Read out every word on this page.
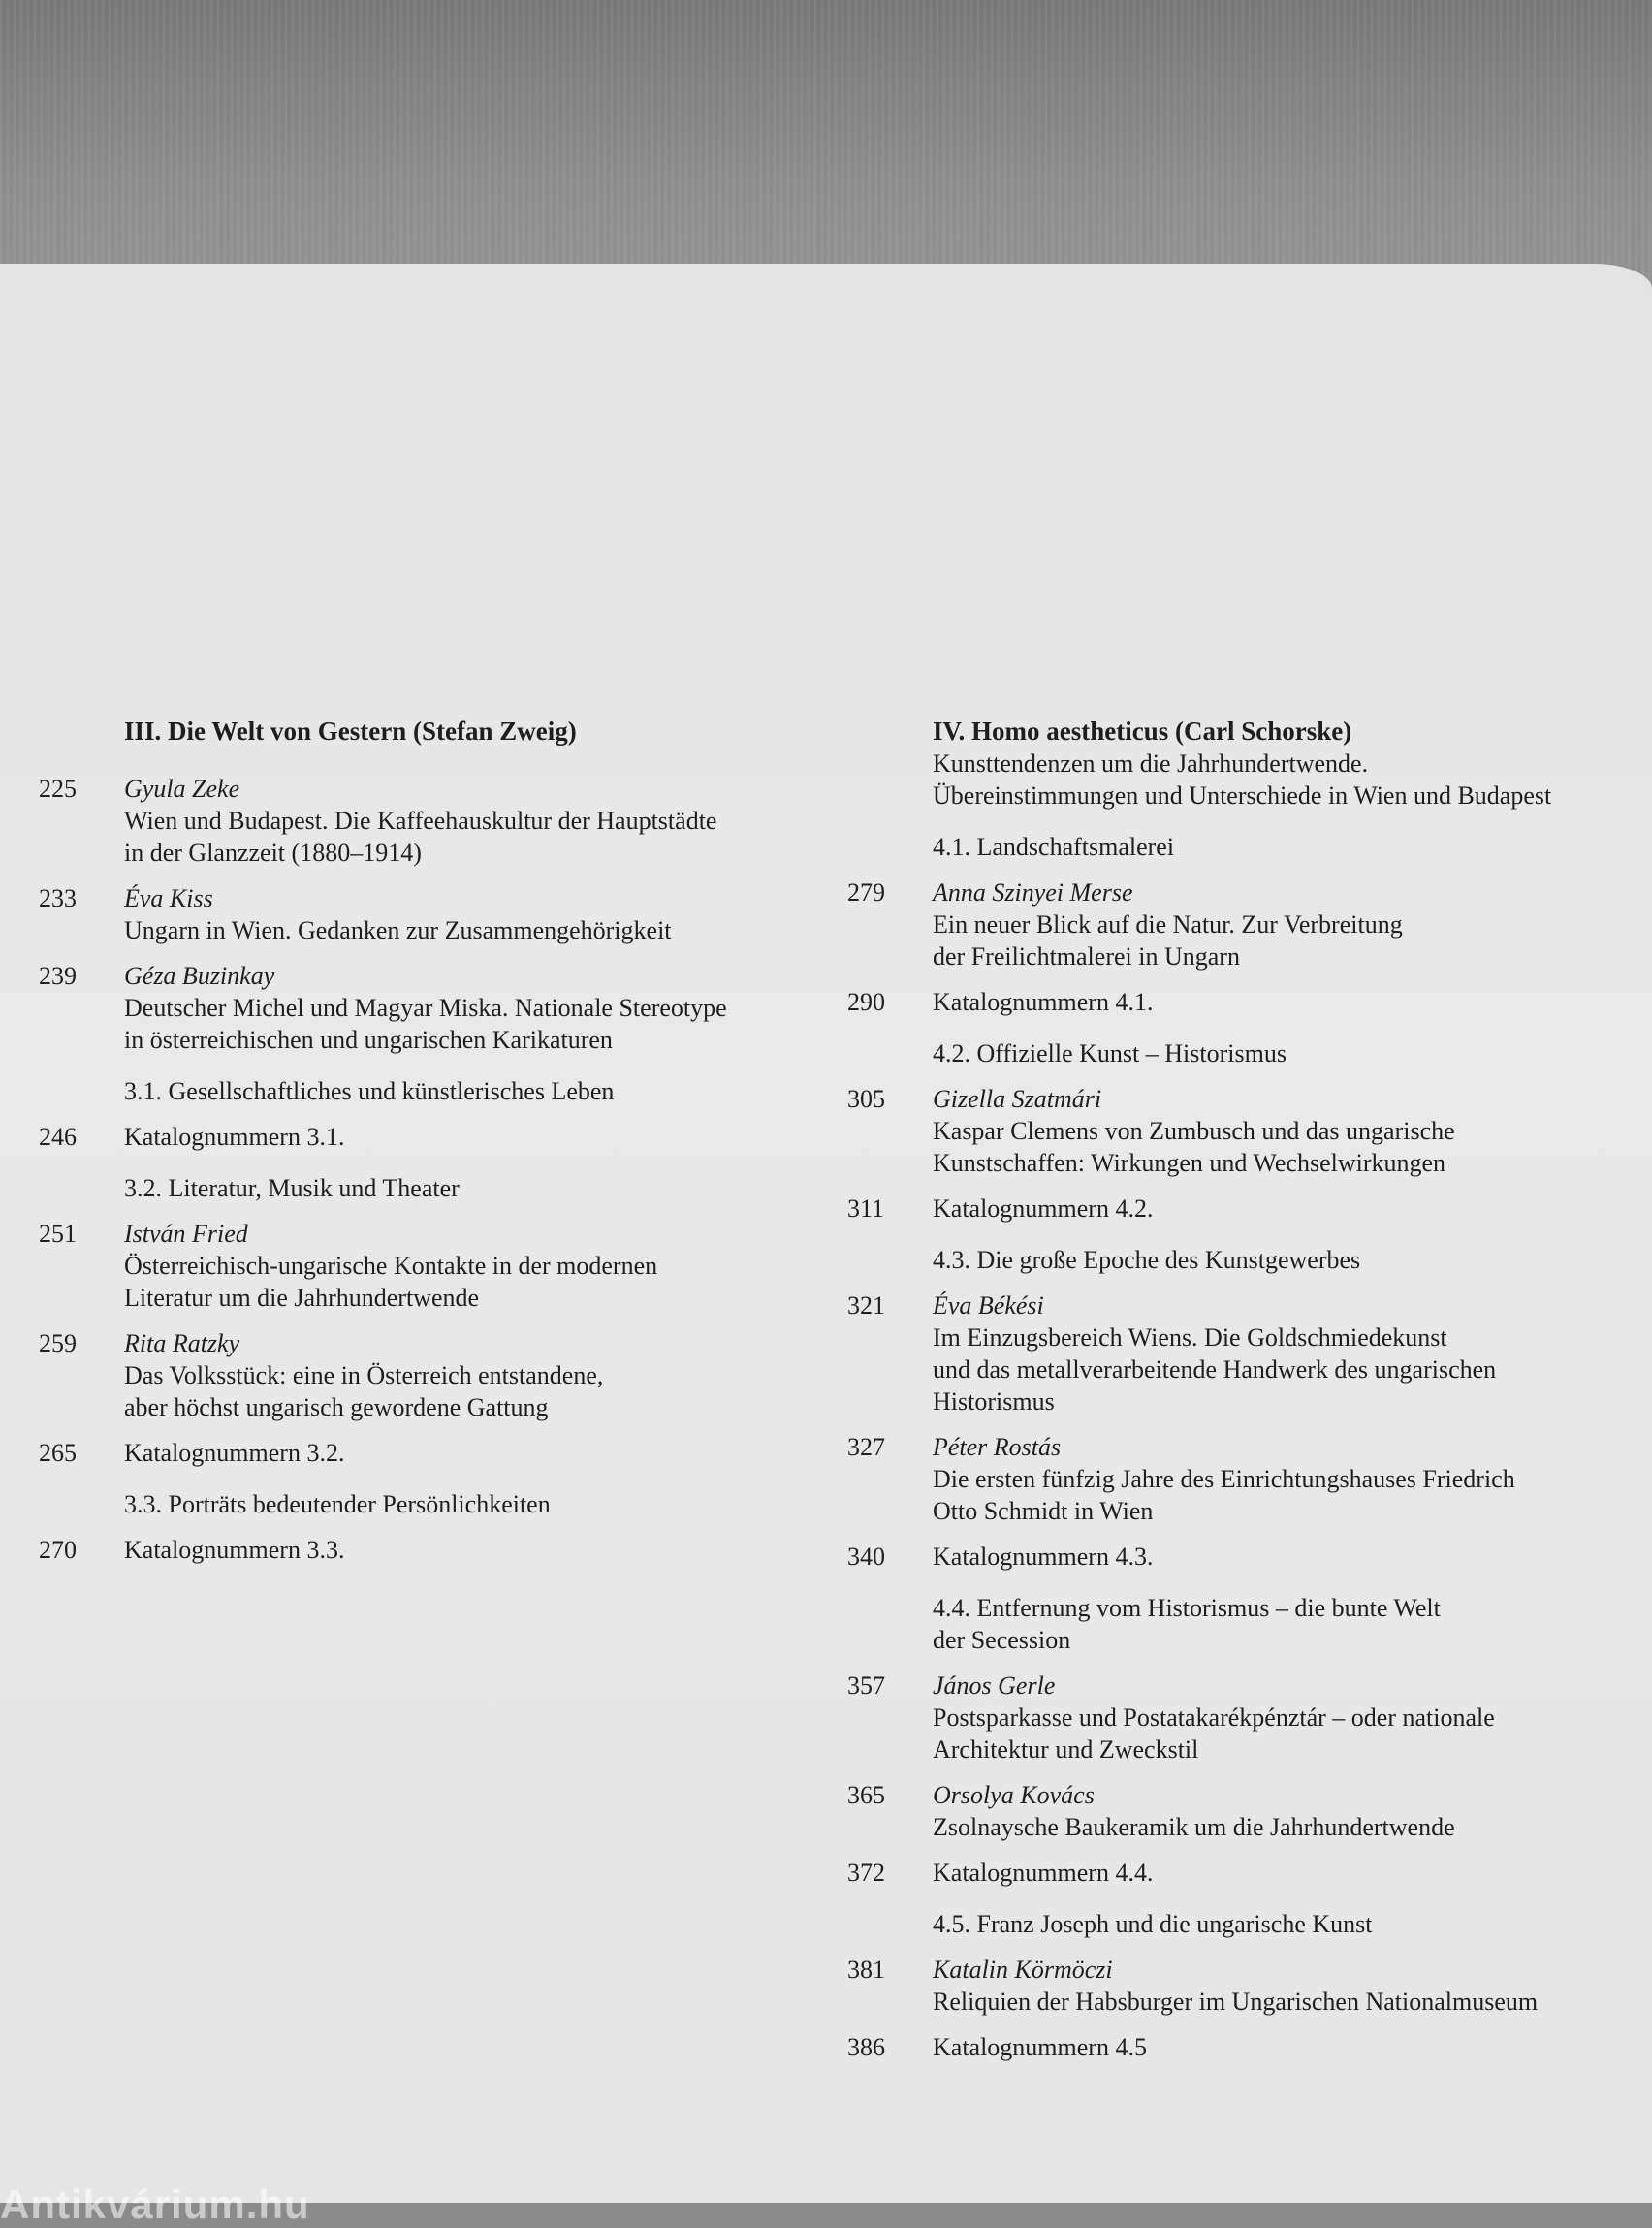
III. Die Welt von Gestern (Stefan Zweig)
225 Gyula Zeke
Wien und Budapest. Die Kaffeehauskultur der Hauptstädte
in der Glanzzeit (1880–1914)
233 Éva Kiss
Ungarn in Wien. Gedanken zur Zusammengehörigkeit
239 Géza Buzinkay
Deutscher Michel und Magyar Miska. Nationale Stereotype
in österreichischen und ungarischen Karikaturen
3.1. Gesellschaftliches und künstlerisches Leben
246 Katalognummern 3.1.
3.2. Literatur, Musik und Theater
251 István Fried
Österreichisch-ungarische Kontakte in der modernen
Literatur um die Jahrhundertwende
259 Rita Ratzky
Das Volksstück: eine in Österreich entstandene,
aber höchst ungarisch gewordene Gattung
265 Katalognummern 3.2.
3.3. Porträts bedeutender Persönlichkeiten
270 Katalognummern 3.3.
IV. Homo aestheticus (Carl Schorske)
Kunsttendenzen um die Jahrhundertwende.
Übereinstimmungen und Unterschiede in Wien und Budapest
4.1. Landschaftsmalerei
279 Anna Szinyei Merse
Ein neuer Blick auf die Natur. Zur Verbreitung
der Freilichtmalerei in Ungarn
290 Katalognummern 4.1.
4.2. Offizielle Kunst – Historismus
305 Gizella Szatmári
Kaspar Clemens von Zumbusch und das ungarische
Kunstschaffen: Wirkungen und Wechselwirkungen
311 Katalognummern 4.2.
4.3. Die große Epoche des Kunstgewerbes
321 Éva Békési
Im Einzugsbereich Wiens. Die Goldschmiedekunst
und das metallverarbeitende Handwerk des ungarischen
Historismus
327 Péter Rostás
Die ersten fünfzig Jahre des Einrichtungshauses Friedrich
Otto Schmidt in Wien
340 Katalognummern 4.3.
4.4. Entfernung vom Historismus – die bunte Welt
der Secession
357 János Gerle
Postsparkasse und Postatakarékpénztár – oder nationale
Architektur und Zweckstil
365 Orsolya Kovács
Zsolnaysche Baukeramik um die Jahrhundertwende
372 Katalognummern 4.4.
4.5. Franz Joseph und die ungarische Kunst
381 Katalin Körmöczi
Reliquien der Habsburger im Ungarischen Nationalmuseum
386 Katalognummern 4.5
Antikvárium.hu
